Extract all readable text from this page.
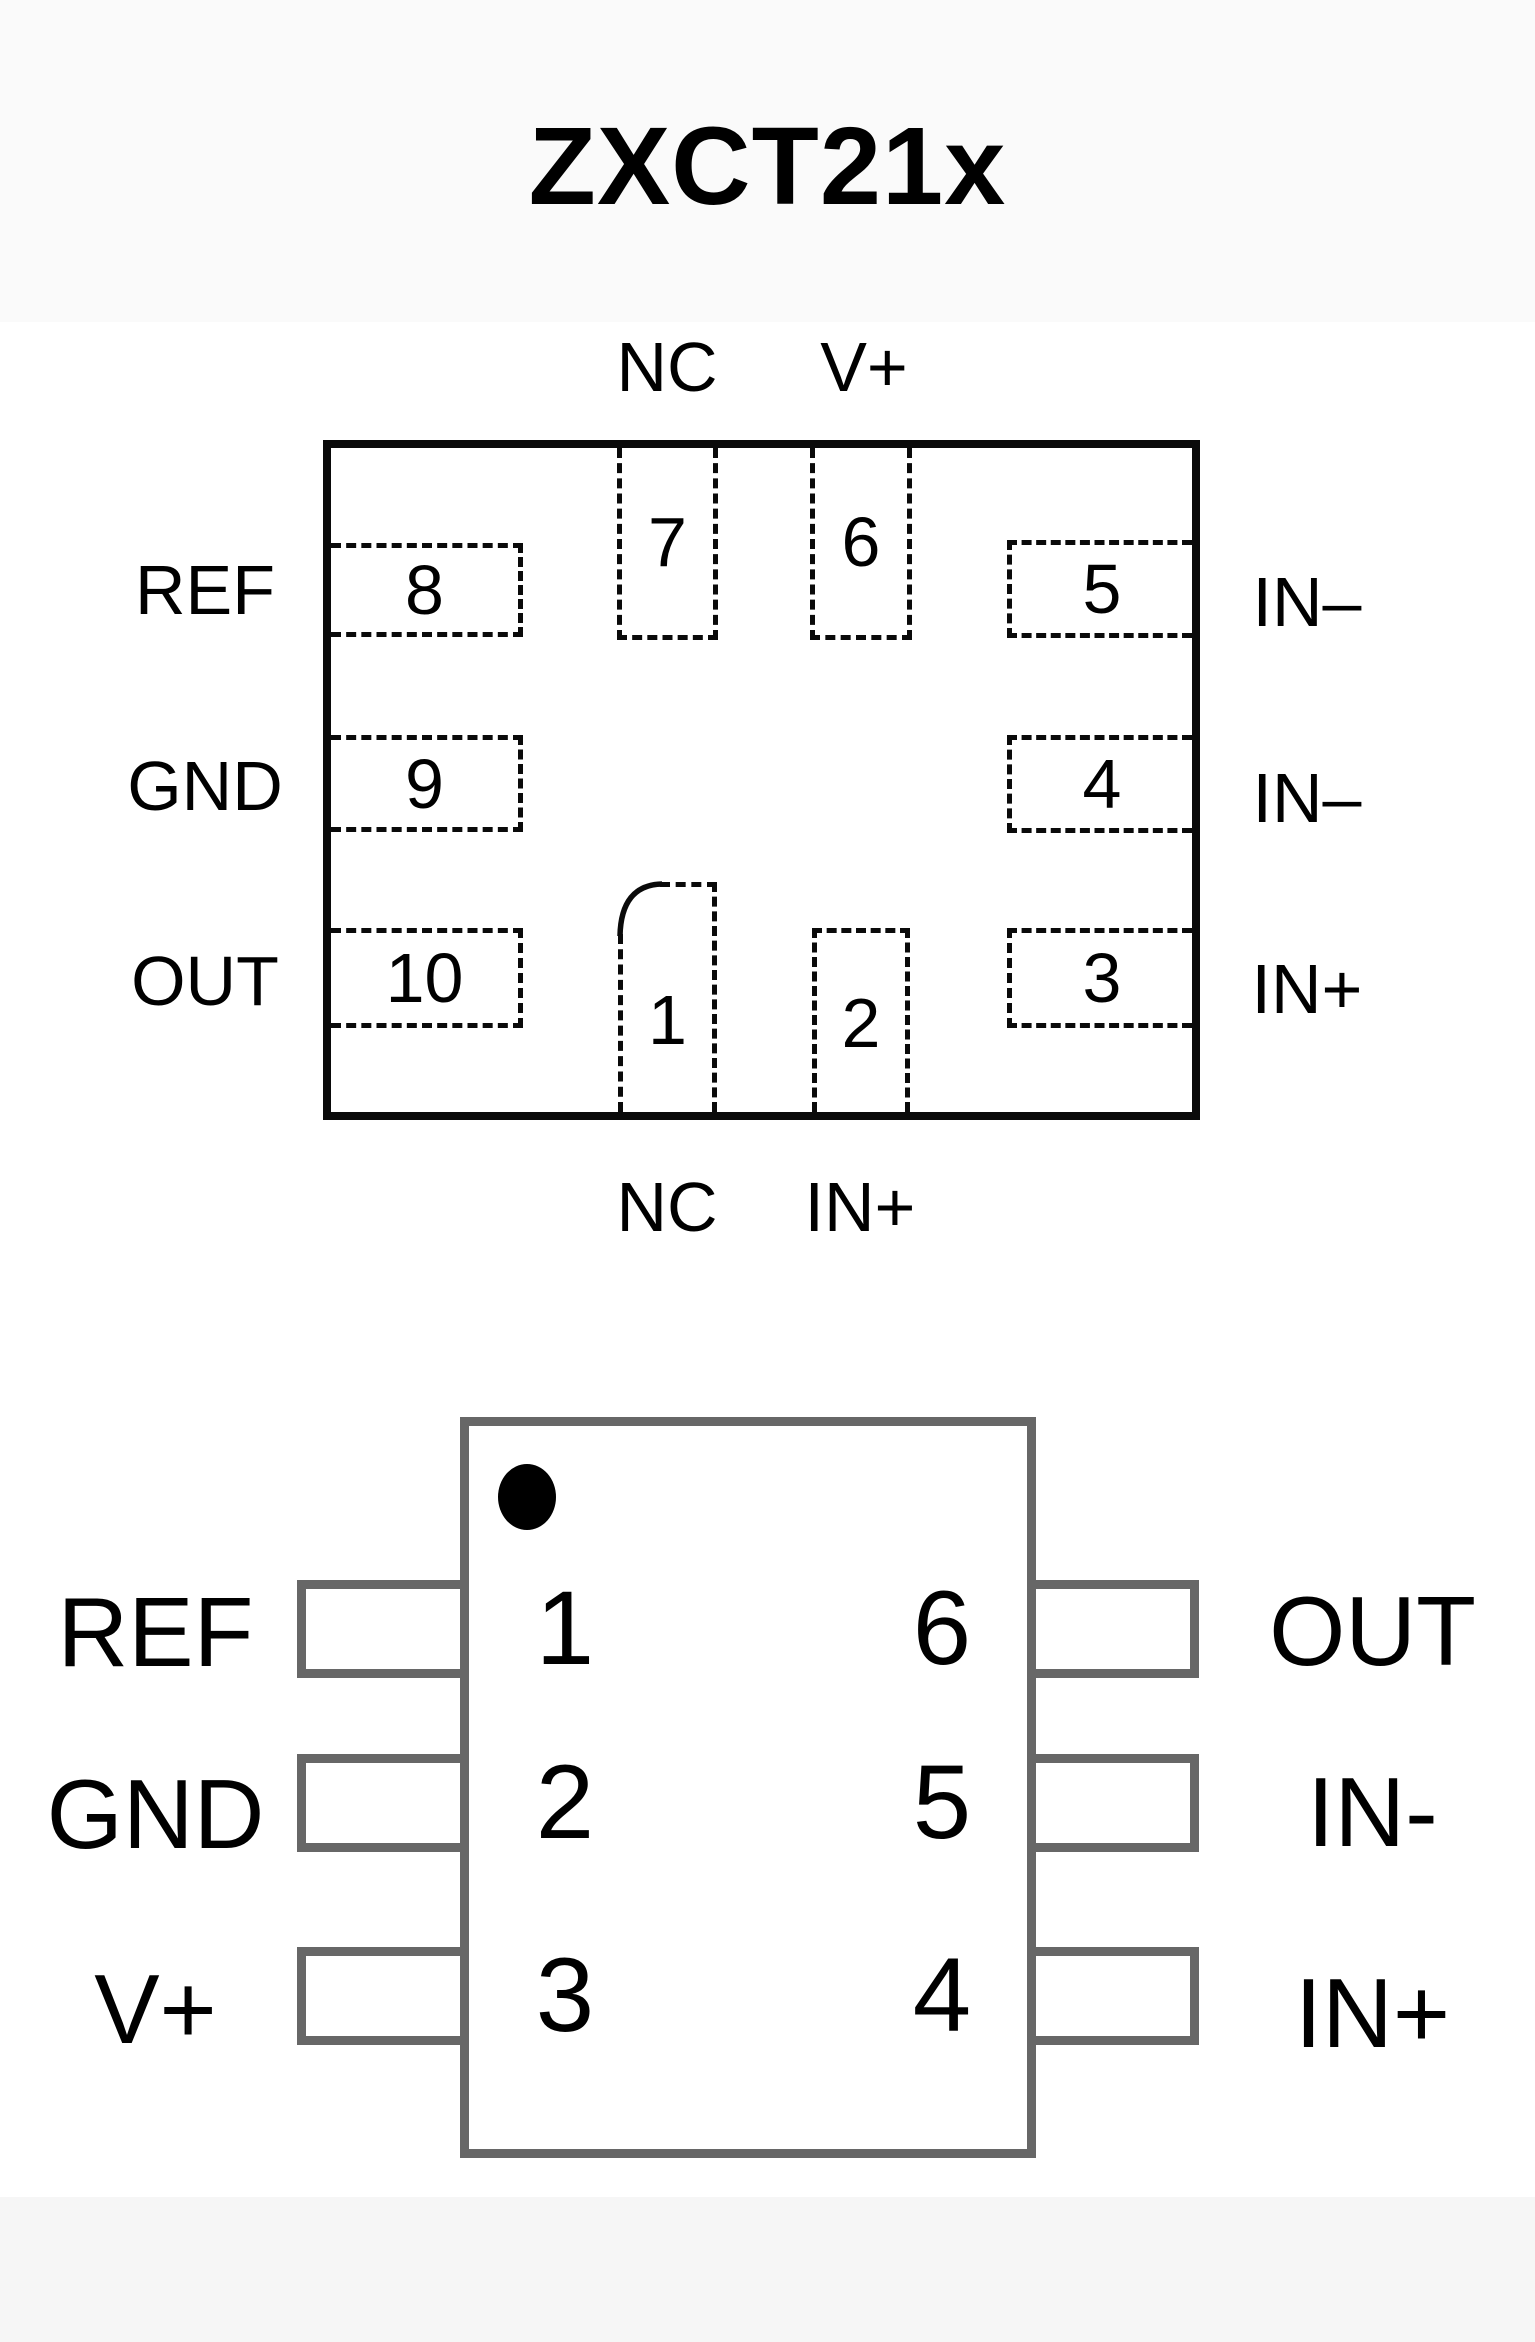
ZXCT21x
7 6
8
9
10
5
4
3
2
1
NC	V+
REF
GND
OUT
IN–
IN–
IN+
NC IN+
1
2
3
6
5
4
REF
GND
V+
OUT
IN-
IN+
